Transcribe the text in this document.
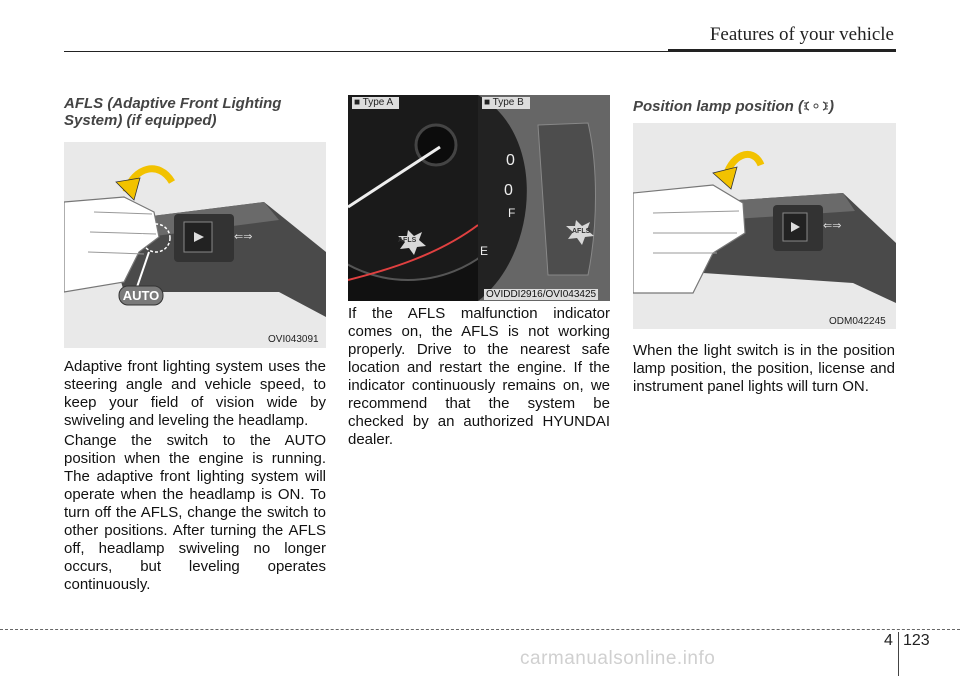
Features of your vehicle
AFLS (Adaptive Front Lighting System) (if equipped)
⇐⇒
AUTO
OVI043091

Adaptive front lighting system uses the steering angle and vehicle speed, to keep your field of vision wide by swiveling and leveling the headlamp.

Change the switch to the AUTO position when the engine is running. The adaptive front lighting system will operate when the headlamp is ON. To turn off the AFLS, change the switch to other positions. After turning the AFLS off, headlamp swiveling no longer occurs, but leveling operates continuously.

0
0
F
E
■ Type A	■ Type B
AFLS
AFLS
OVIDDI2916/OVI043425

If the AFLS malfunction indicator comes on, the AFLS is not working properly. Drive to the nearest safe location and restart the engine. If the indicator continuously remains on, we recommend that the system be checked by an authorized HYUNDAI dealer.

Position lamp position ( )
⇐⇒
ODM042245

When the light switch is in the position lamp position, the position, license and instrument panel lights will turn ON.

4 123
carmanualsonline.info
